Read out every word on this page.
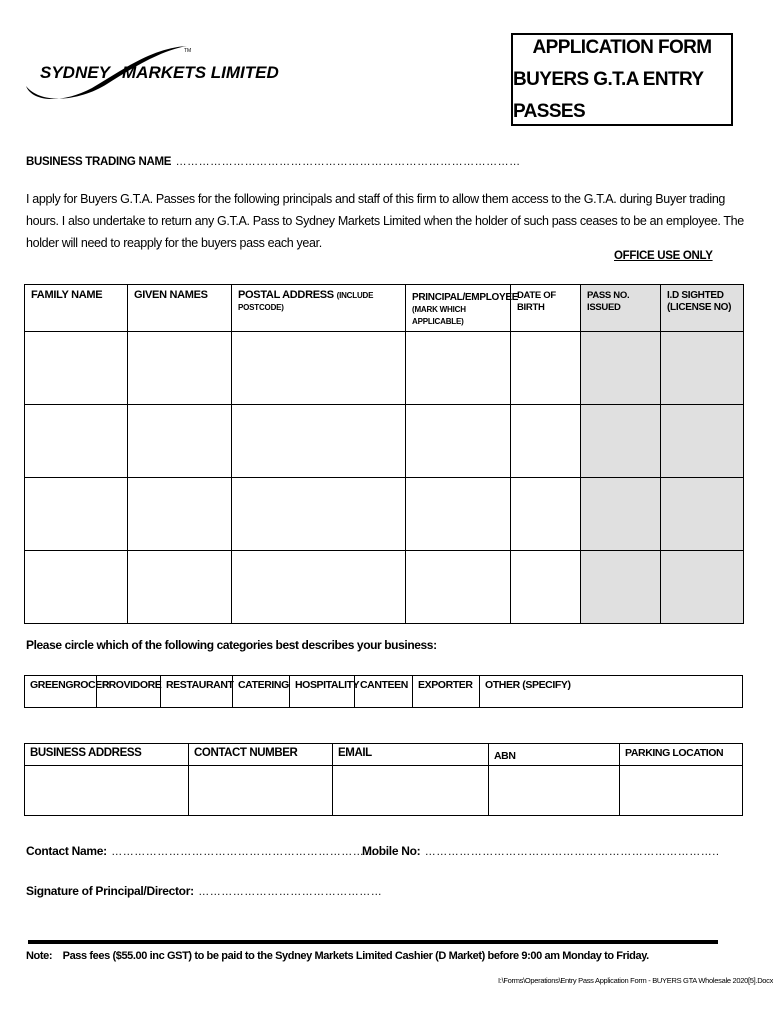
SYDNEY MARKETS LIMITED
TM	APPLICATION FORM
BUYERS G.T.A ENTRY PASSES
BUSINESS TRADING NAME ………………………………………………………………………………
I apply for Buyers G.T.A. Passes for the following principals and staff of this firm to allow them access to the G.T.A. during Buyer trading hours. I also undertake to return any G.T.A. Pass to Sydney Markets Limited when the holder of such pass ceases to be an employee. The holder will need to reapply for the buyers pass each year.
OFFICE USE ONLY
FAMILY NAME	GIVEN NAMES	POSTAL ADDRESS (INCLUDE POSTCODE)	PRINCIPAL/EMPLOYEE
(MARK WHICH APPLICABLE)	DATE OF BIRTH	PASS NO. ISSUED	I.D SIGHTED
(LICENSE NO)

Please circle which of the following categories best describes your business:
GREENGROCER	PROVIDORE	RESTAURANT	CATERING	HOSPITALITY	CANTEEN	EXPORTER	OTHER (SPECIFY)
BUSINESS ADDRESS	CONTACT NUMBER	EMAIL	ABN	PARKING LOCATION

Contact Name: ……………………………………………………………
Mobile No: …………………………………………………………………..
Signature of Principal/Director: …………………………………………
Note: Pass fees ($55.00 inc GST) to be paid to the Sydney Markets Limited Cashier (D Market) before 9:00 am Monday to Friday.
I:\Forms\Operations\Entry Pass Application Form - BUYERS GTA Wholesale 2020[5].Docx
